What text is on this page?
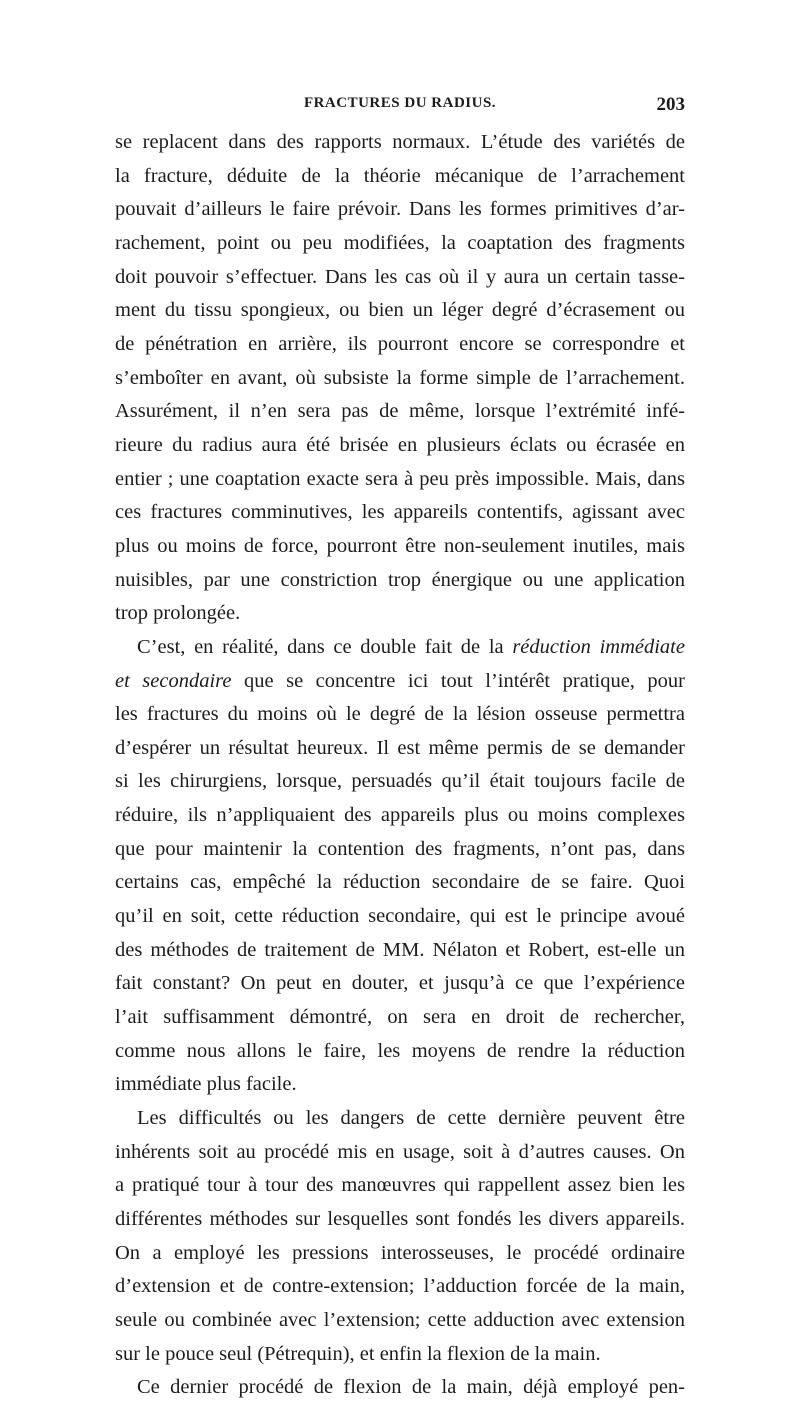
FRACTURES DU RADIUS.	203
se replacent dans des rapports normaux. L’étude des variétés de
la fracture, déduite de la théorie mécanique de l’arrachement
pouvait d’ailleurs le faire prévoir. Dans les formes primitives d’ar-
rachement, point ou peu modifiées, la coaptation des fragments
doit pouvoir s’effectuer. Dans les cas où il y aura un certain tasse-
ment du tissu spongieux, ou bien un léger degré d’écrasement ou
de pénétration en arrière, ils pourront encore se correspondre et
s’emboîter en avant, où subsiste la forme simple de l’arrachement.
Assurément, il n’en sera pas de même, lorsque l’extrémité infé-
rieure du radius aura été brisée en plusieurs éclats ou écrasée en
entier ; une coaptation exacte sera à peu près impossible. Mais, dans
ces fractures comminutives, les appareils contentifs, agissant avec
plus ou moins de force, pourront être non-seulement inutiles, mais
nuisibles, par une constriction trop énergique ou une application
trop prolongée.
C’est, en réalité, dans ce double fait de la réduction immédiate
et secondaire que se concentre ici tout l’intérêt pratique, pour
les fractures du moins où le degré de la lésion osseuse permettra
d’espérer un résultat heureux. Il est même permis de se demander
si les chirurgiens, lorsque, persuadés qu’il était toujours facile de
réduire, ils n’appliquaient des appareils plus ou moins complexes
que pour maintenir la contention des fragments, n’ont pas, dans
certains cas, empêché la réduction secondaire de se faire. Quoi
qu’il en soit, cette réduction secondaire, qui est le principe avoué
des méthodes de traitement de MM. Nélaton et Robert, est-elle un
fait constant? On peut en douter, et jusqu’à ce que l’expérience
l’ait suffisamment démontré, on sera en droit de rechercher,
comme nous allons le faire, les moyens de rendre la réduction
immédiate plus facile.
Les difficultés ou les dangers de cette dernière peuvent être
inhérents soit au procédé mis en usage, soit à d’autres causes. On
a pratiqué tour à tour des manœuvres qui rappellent assez bien les
différentes méthodes sur lesquelles sont fondés les divers appareils.
On a employé les pressions interosseuses, le procédé ordinaire
d’extension et de contre-extension; l’adduction forcée de la main,
seule ou combinée avec l’extension; cette adduction avec extension
sur le pouce seul (Pétrequin), et enfin la flexion de la main.
Ce dernier procédé de flexion de la main, déjà employé pen-
